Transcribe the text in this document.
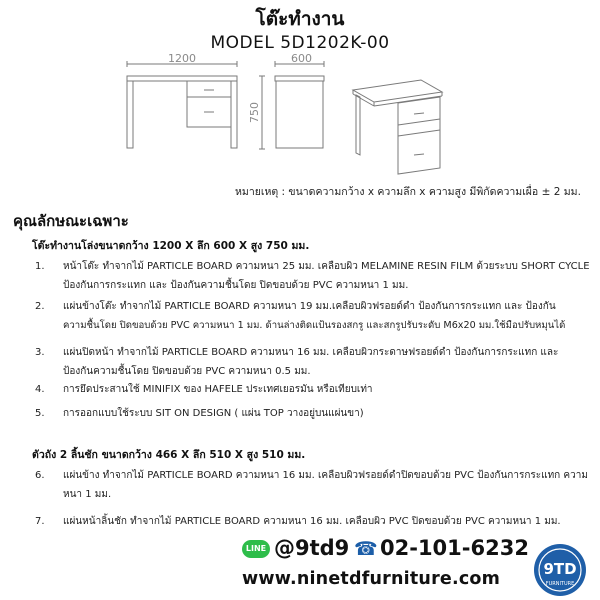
โต๊ะทำงาน
MODEL 5D1202K-00
1200	600
750
หมายเหตุ : ขนาดความกว้าง x ความลึก x ความสูง มีพิกัดความเผื่อ ± 2 มม.
คุณลักษณะเฉพาะ
โต๊ะทำงานโล่งขนาดกว้าง 1200 X ลึก 600 X สูง 750 มม.
1. หน้าโต๊ะ ทำจากไม้ PARTICLE BOARD ความหนา 25 มม. เคลือบผิว MELAMINE RESIN FILM ด้วยระบบ SHORT CYCLE
ป้องกันการกระแทก และ ป้องกันความชื้นโดย ปิดขอบด้วย PVC ความหนา 1 มม.
2. แผ่นข้างโต๊ะ ทำจากไม้ PARTICLE BOARD ความหนา 19 มม.เคลือบผิวฟรอยด์ดำ ป้องกันการกระแทก และ ป้องกัน
ความชื้นโดย ปิดขอบด้วย PVC ความหนา 1 มม. ด้านล่างติดแป้นรองสกรู และสกรูปรับระดับ M6x20 มม.ใช้มือปรับหมุนได้
3. แผ่นปิดหน้า ทำจากไม้ PARTICLE BOARD ความหนา 16 มม. เคลือบผิวกระดาษฟรอยด์ดำ ป้องกันการกระแทก และ
ป้องกันความชื้นโดย ปิดขอบด้วย PVC ความหนา 0.5 มม.
4. การยึดประสานใช้ MINIFIX ของ HAFELE ประเทศเยอรมัน หรือเทียบเท่า
5. การออกแบบใช้ระบบ SIT ON DESIGN ( แผ่น TOP วางอยู่บนแผ่นขา)
ตัวถัง 2 ลิ้นชัก ขนาดกว้าง 466 X ลึก 510 X สูง 510 มม.
6. แผ่นข้าง ทำจากไม้ PARTICLE BOARD ความหนา 16 มม. เคลือบผิวฟรอยด์ดำปิดขอบด้วย PVC ป้องกันการกระแทก ความ
หนา 1 มม.
7. แผ่นหน้าลิ้นชัก ทำจากไม้ PARTICLE BOARD ความหนา 16 มม. เคลือบผิว PVC ปิดขอบด้วย PVC ความหนา 1 มม.
LINE @9td9 ☎ 02-101-6232
www.ninetdfurniture.com	9TD
FURNITURE
